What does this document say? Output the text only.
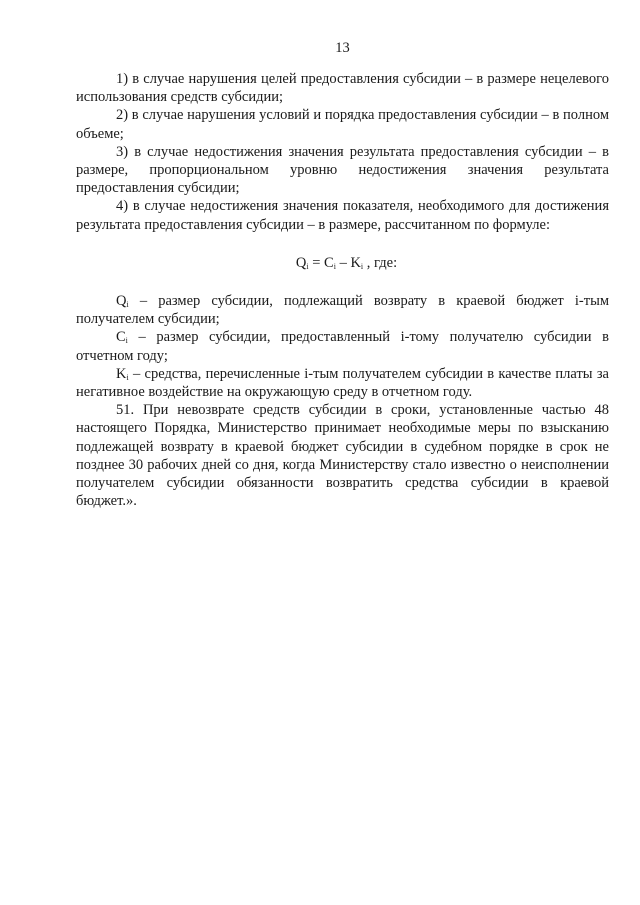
13

1) в случае нарушения целей предоставления субсидии – в размере нецелевого использования средств субсидии;

2) в случае нарушения условий и порядка предоставления субсидии – в полном объеме;

3) в случае недостижения значения результата предоставления субсидии – в размере, пропорциональном уровню недостижения значения результата предоставления субсидии;

4) в случае недостижения значения показателя, необходимого для достижения результата предоставления субсидии – в размере, рассчитанном по формуле:

$Q_i = C_i - K_i$ , где:

$Q_i$ – размер субсидии, подлежащий возврату в краевой бюджет i-тым получателем субсидии;

$C_i$ – размер субсидии, предоставленный i-тому получателю субсидии в отчетном году;

$K_i$ – средства, перечисленные i-тым получателем субсидии в качестве платы за негативное воздействие на окружающую среду в отчетном году.

51. При невозврате средств субсидии в сроки, установленные частью 48 настоящего Порядка, Министерство принимает необходимые меры по взысканию подлежащей возврату в краевой бюджет субсидии в судебном порядке в срок не позднее 30 рабочих дней со дня, когда Министерству стало известно о неисполнении получателем субсидии обязанности возвратить средства субсидии в краевой бюджет.».
